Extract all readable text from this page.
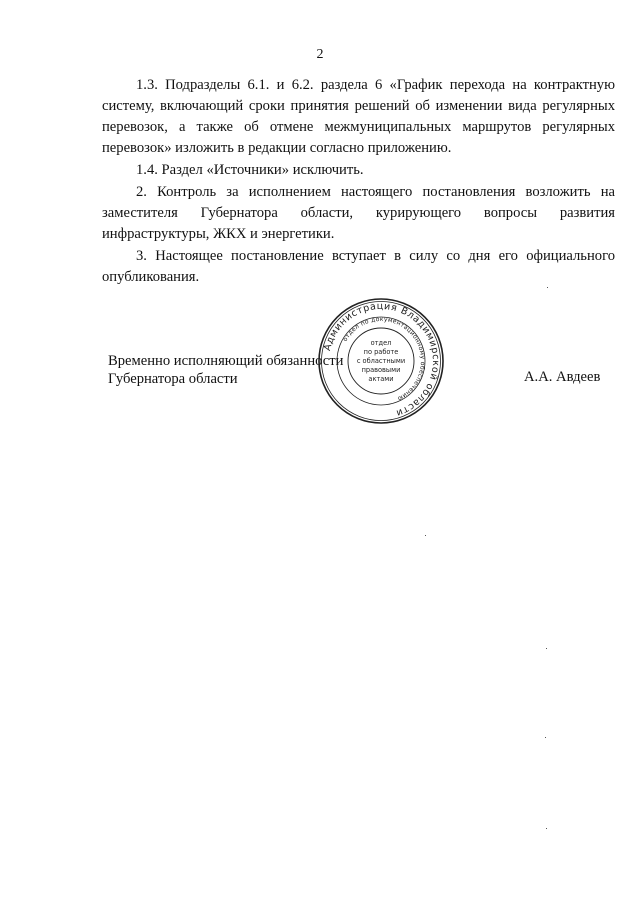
2

1.3. Подразделы 6.1. и 6.2. раздела 6 «График перехода на контрактную систему, включающий сроки принятия решений об изменении вида регулярных перевозок, а также об отмене межмуниципальных маршрутов регулярных перевозок» изложить в редакции согласно приложению.

1.4. Раздел «Источники» исключить.

2. Контроль за исполнением настоящего постановления возложить на заместителя Губернатора области, курирующего вопросы развития инфраструктуры, ЖКХ и энергетики.

3. Настоящее постановление вступает в силу со дня его официального опубликования.

Временно исполняющий обязанности
Губернатора области	А.А. Авдеев
Администрация Владимирской области
отдел по документационному обеспечению
отдел
по работе
с областными
правовыми
актами
